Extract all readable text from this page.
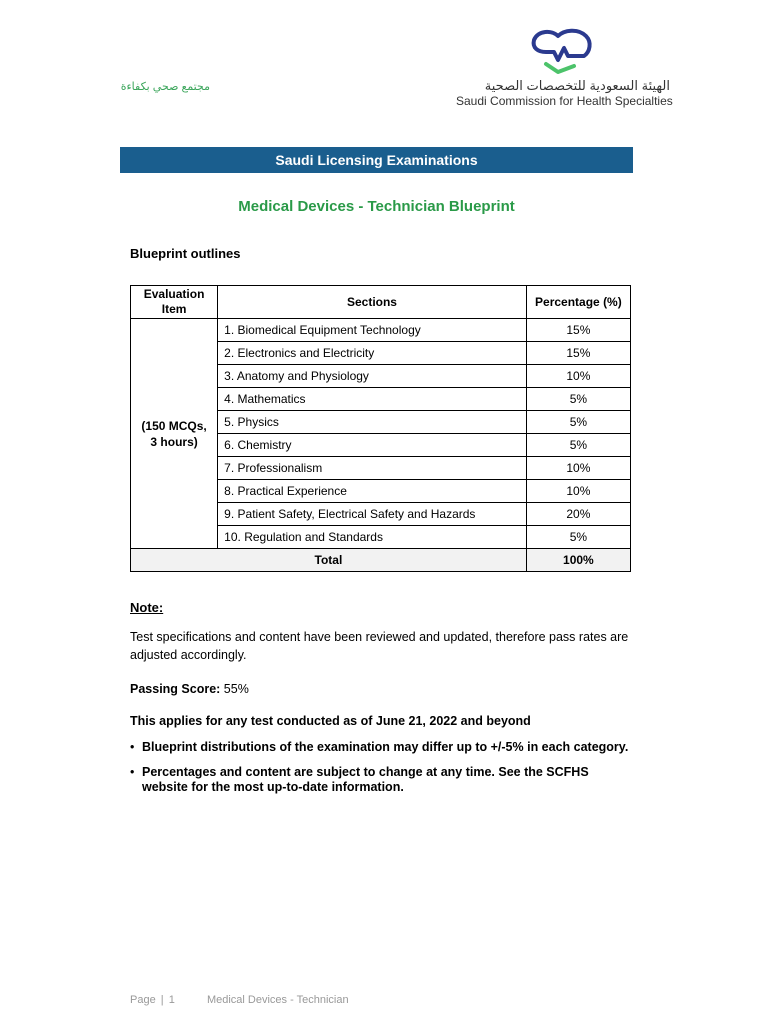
مجتمع صحي بكفاءة	الهيئة السعودية للتخصصات الصحية
Saudi Commission for Health Specialties
Saudi Licensing Examinations
Medical Devices - Technician Blueprint
Blueprint outlines
Evaluation Item	Sections	Percentage (%)

(150 MCQs,
3 hours)	1. Biomedical Equipment Technology	15%
	2. Electronics and Electricity	15%
	3. Anatomy and Physiology	10%
	4. Mathematics	5%
	5. Physics	5%
	6. Chemistry	5%
	7. Professionalism	10%
	8. Practical Experience	10%
	9. Patient Safety, Electrical Safety and Hazards	20%
	10. Regulation and Standards	5%
Total		100%
Note:
Test specifications and content have been reviewed and updated, therefore pass rates are adjusted accordingly.
Passing Score: 55%
This applies for any test conducted as of June 21, 2022 and beyond
• Blueprint distributions of the examination may differ up to +/-5% in each category.
• Percentages and content are subject to change at any time. See the SCFHS website for the most up-to-date information.
Page | 1	Medical Devices - Technician
